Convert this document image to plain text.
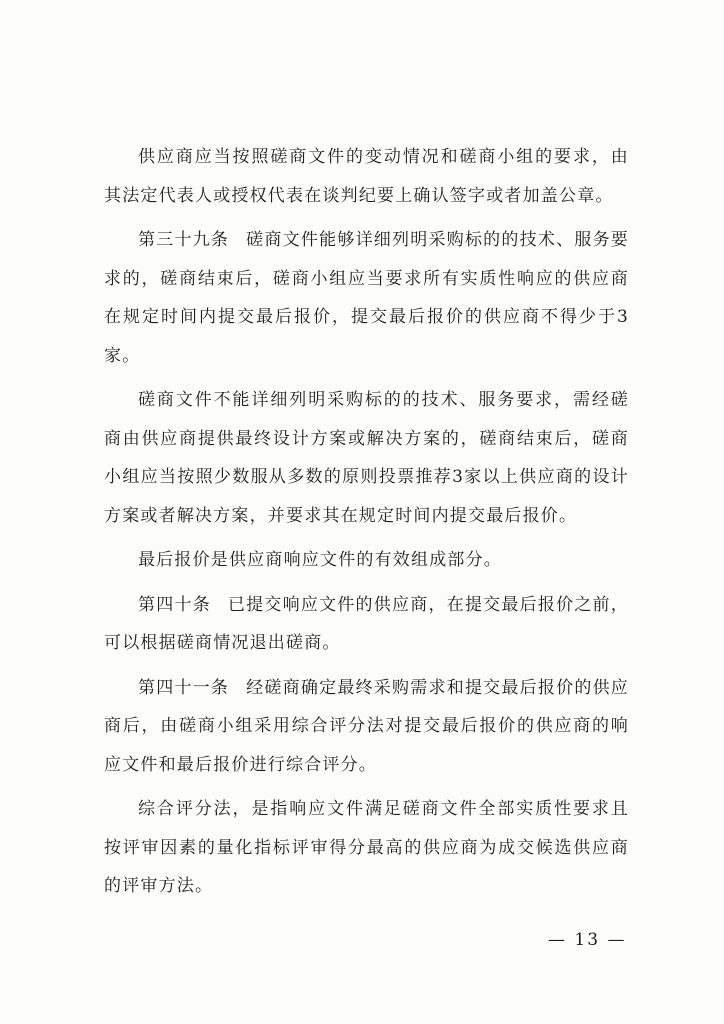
供应商应当按照磋商文件的变动情况和磋商小组的要求，由其法定代表人或授权代表在谈判纪要上确认签字或者加盖公章。

第三十九条 磋商文件能够详细列明采购标的的技术、服务要求的，磋商结束后，磋商小组应当要求所有实质性响应的供应商在规定时间内提交最后报价，提交最后报价的供应商不得少于3家。

磋商文件不能详细列明采购标的的技术、服务要求，需经磋商由供应商提供最终设计方案或解决方案的，磋商结束后，磋商小组应当按照少数服从多数的原则投票推荐3家以上供应商的设计方案或者解决方案，并要求其在规定时间内提交最后报价。

最后报价是供应商响应文件的有效组成部分。

第四十条 已提交响应文件的供应商，在提交最后报价之前，可以根据磋商情况退出磋商。

第四十一条 经磋商确定最终采购需求和提交最后报价的供应商后，由磋商小组采用综合评分法对提交最后报价的供应商的响应文件和最后报价进行综合评分。

综合评分法，是指响应文件满足磋商文件全部实质性要求且按评审因素的量化指标评审得分最高的供应商为成交候选供应商的评审方法。

— 13 —
